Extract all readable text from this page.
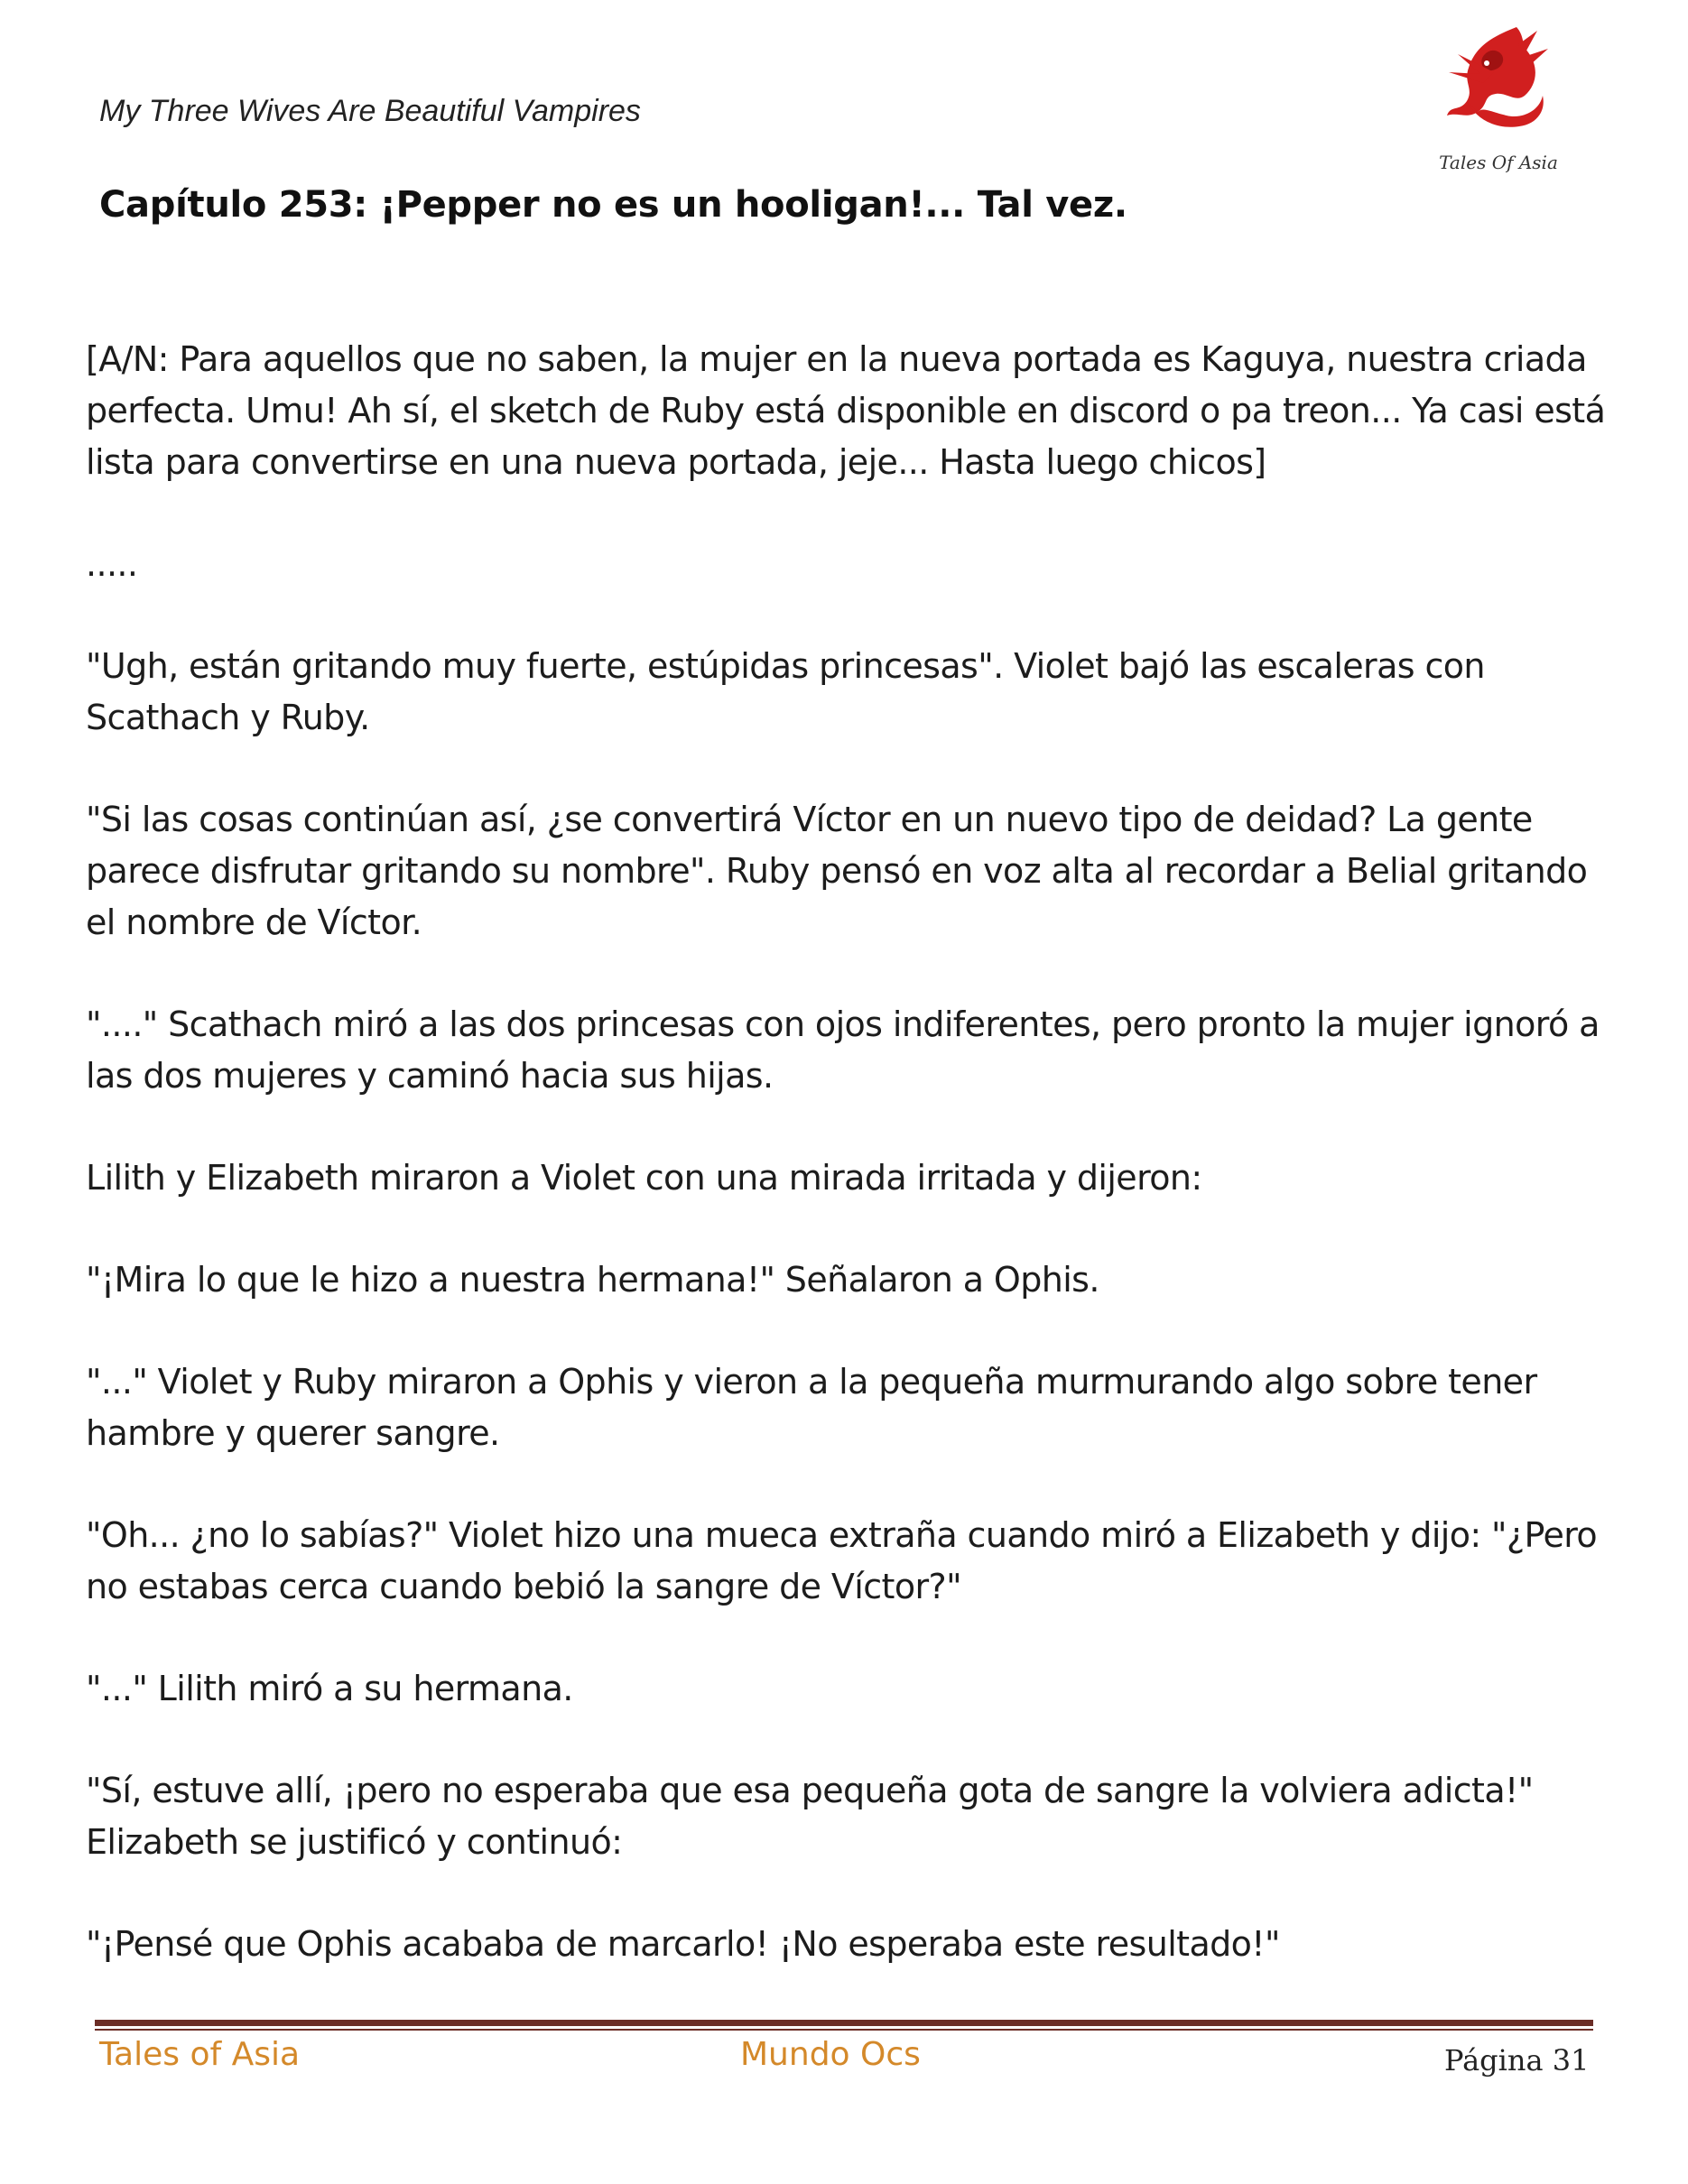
My Three Wives Are Beautiful Vampires
Tales Of Asia
Capítulo 253: ¡Pepper no es un hooligan!... Tal vez.

[A/N: Para aquellos que no saben, la mujer en la nueva portada es Kaguya, nuestra criada perfecta. Umu! Ah sí, el sketch de Ruby está disponible en discord o pa treon... Ya casi está lista para convertirse en una nueva portada, jeje... Hasta luego chicos]

.....

"Ugh, están gritando muy fuerte, estúpidas princesas". Violet bajó las escaleras con Scathach y Ruby.

"Si las cosas continúan así, ¿se convertirá Víctor en un nuevo tipo de deidad? La gente parece disfrutar gritando su nombre". Ruby pensó en voz alta al recordar a Belial gritando el nombre de Víctor.

"...." Scathach miró a las dos princesas con ojos indiferentes, pero pronto la mujer ignoró a las dos mujeres y caminó hacia sus hijas.

Lilith y Elizabeth miraron a Violet con una mirada irritada y dijeron:

"¡Mira lo que le hizo a nuestra hermana!" Señalaron a Ophis.

"..." Violet y Ruby miraron a Ophis y vieron a la pequeña murmurando algo sobre tener hambre y querer sangre.

"Oh... ¿no lo sabías?" Violet hizo una mueca extraña cuando miró a Elizabeth y dijo: "¿Pero no estabas cerca cuando bebió la sangre de Víctor?"

"..." Lilith miró a su hermana.

"Sí, estuve allí, ¡pero no esperaba que esa pequeña gota de sangre la volviera adicta!" Elizabeth se justificó y continuó:

"¡Pensé que Ophis acababa de marcarlo! ¡No esperaba este resultado!"

Tales of Asia	Mundo Ocs	Página 31
